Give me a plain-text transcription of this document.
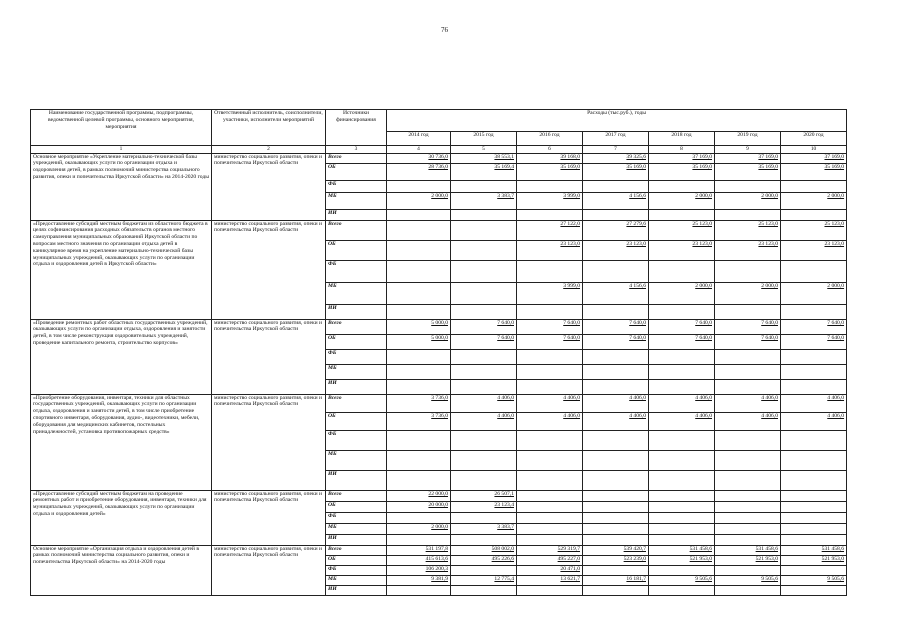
76
Наименование государственной программы, подпрограммы, ведомственной целевой программы, основного мероприятия, мероприятия	Ответственный исполнитель, соисполнители, участники, исполнители мероприятий	Источники финансирования	Расходы (тыс.руб.), годы						
			2014 год	2015 год	2016 год	2017 год	2018 год	2019 год	2020 год
1	2	3	4	5	6	7	8	9	10
Основное мероприятие «Укрепление материально-технической базы учреждений, оказывающих услуги по организации отдыха и оздоровления детей, в рамках полномочий министерства социального развития, опеки и попечительства Иркутской области» на 2014-2020 годы	министерство социального развития, опеки и попечительства Иркутской области	Всего	30 736,0	38 553,1	39 168,0	39 325,6	37 169,0	37 169,0	37 169,0
		ОБ	28 736,0	35 169,4	35 169,0	35 169,0	35 169,0	35 169,0	35 169,0
		ФБ							
		МБ	2 000,0	3 383,7	3 999,0	4 156,6	2 000,0	2 000,0	2 000,0
		ИИ							
«Предоставление субсидий местным бюджетам из областного бюджета в целях софинансирования расходных обязательств органов местного самоуправления муниципальных образований Иркутской области по вопросам местного значения по организации отдыха детей в каникулярное время на укрепление материально-технической базы муниципальных учреждений, оказывающих услуги по организации отдыха и оздоровления детей в Иркутской области»	министерство социального развития, опеки и попечительства Иркутской области	Всего			27 122,0	27 279,6	25 123,0	25 123,0	25 123,0
		ОБ			23 123,0	23 123,0	23 123,0	23 123,0	23 123,0
		ФБ							
		МБ			3 999,0	4 156,6	2 000,0	2 000,0	2 000,0
		ИИ							
«Проведение ремонтных работ областных государственных учреждений, оказывающих услуги по организации отдыха, оздоровления и занятости детей, в том числе реконструкция оздоровительных учреждений, проведение капитального ремонта, строительство корпусов»	министерство социального развития, опеки и попечительства Иркутской области	Всего	5 000,0	7 640,0	7 640,0	7 640,0	7 640,0	7 640,0	7 640,0
		ОБ	5 000,0	7 640,0	7 640,0	7 640,0	7 640,0	7 640,0	7 640,0
		ФБ							
		МБ							
		ИИ							
«Приобретение оборудования, инвентаря, техники для областных государственных учреждений, оказывающих услуги по организации отдыха, оздоровления и занятости детей, в том числе приобретение спортивного инвентаря, оборудования, аудио-, видеотехники, мебели, оборудования для медицинских кабинетов, постельных принадлежностей, установка противопожарных средств»	министерство социального развития, опеки и попечительства Иркутской области	Всего	3 736,0	4 406,0	4 406,0	4 406,0	4 406,0	4 406,0	4 406,0
		ОБ	3 736,0	4 406,0	4 406,0	4 406,0	4 406,0	4 406,0	4 406,0
		ФБ							
		МБ							
		ИИ							
«Предоставление субсидий местным бюджетам на проведение ремонтных работ и приобретение оборудования, инвентаря, техники для муниципальных учреждений, оказывающих услуги по организации отдыха и оздоровления детей»	министерство социального развития, опеки и попечительства Иркутской области	Всего	22 000,0	26 507,1					
		ОБ	20 000,0	23 123,4					
		ФБ							
		МБ	2 000,0	3 383,7					
		ИИ							
Основное мероприятие «Организация отдыха и оздоровления детей в рамках полномочий министерства социального развития, опеки и попечительства Иркутской области» на 2014-2020 годы	министерство социального развития, опеки и попечительства Иркутской области	Всего	531 197,8	508 002,0	529 319,7	539 420,7	531 458,6	531 458,6	531 458,6
		ОБ	415 613,6	495 226,6	495 227,0	523 239,0	521 953,0	521 953,0	521 953,0
		ФБ	106 200,3		20 471,0				
		МБ	9 381,9	12 775,4	13 621,7	16 181,7	9 505,6	9 505,6	9 505,6
		ИИ							
